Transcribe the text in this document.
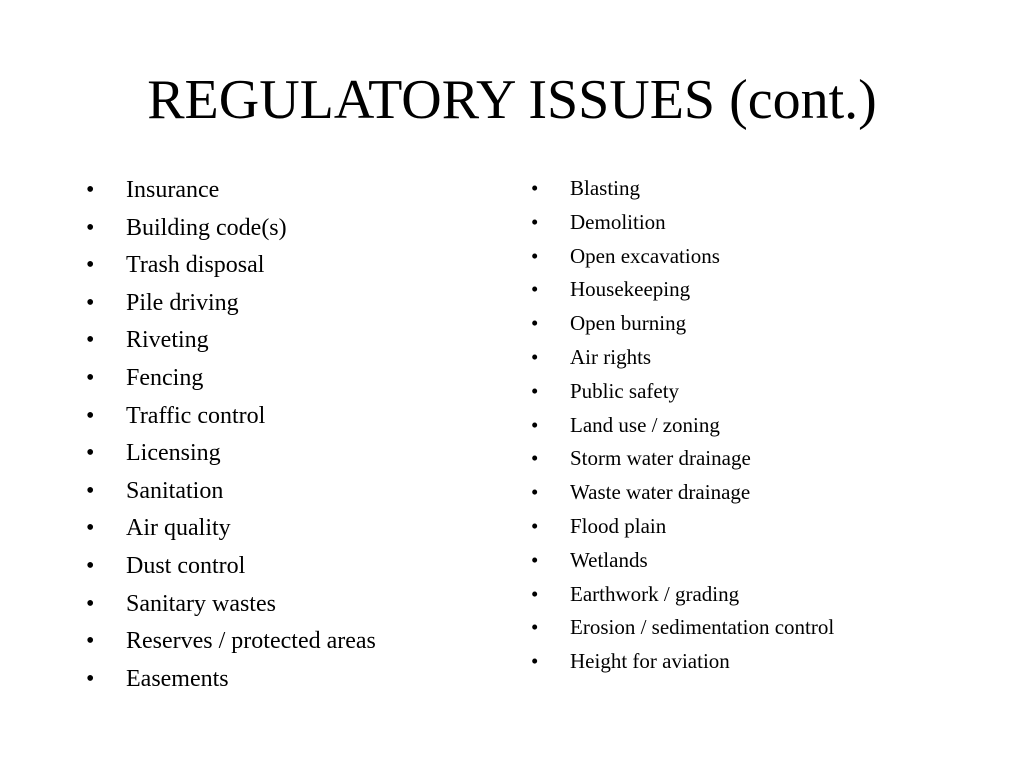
REGULATORY ISSUES (cont.)
• Insurance
• Building code(s)
• Trash disposal
• Pile driving
• Riveting
• Fencing
• Traffic control
• Licensing
• Sanitation
• Air quality
• Dust control
• Sanitary wastes
• Reserves / protected areas
• Easements
• Blasting
• Demolition
• Open excavations
• Housekeeping
• Open burning
• Air rights
• Public safety
• Land use / zoning
• Storm water drainage
• Waste water drainage
• Flood plain
• Wetlands
• Earthwork / grading
• Erosion / sedimentation control
• Height for aviation
